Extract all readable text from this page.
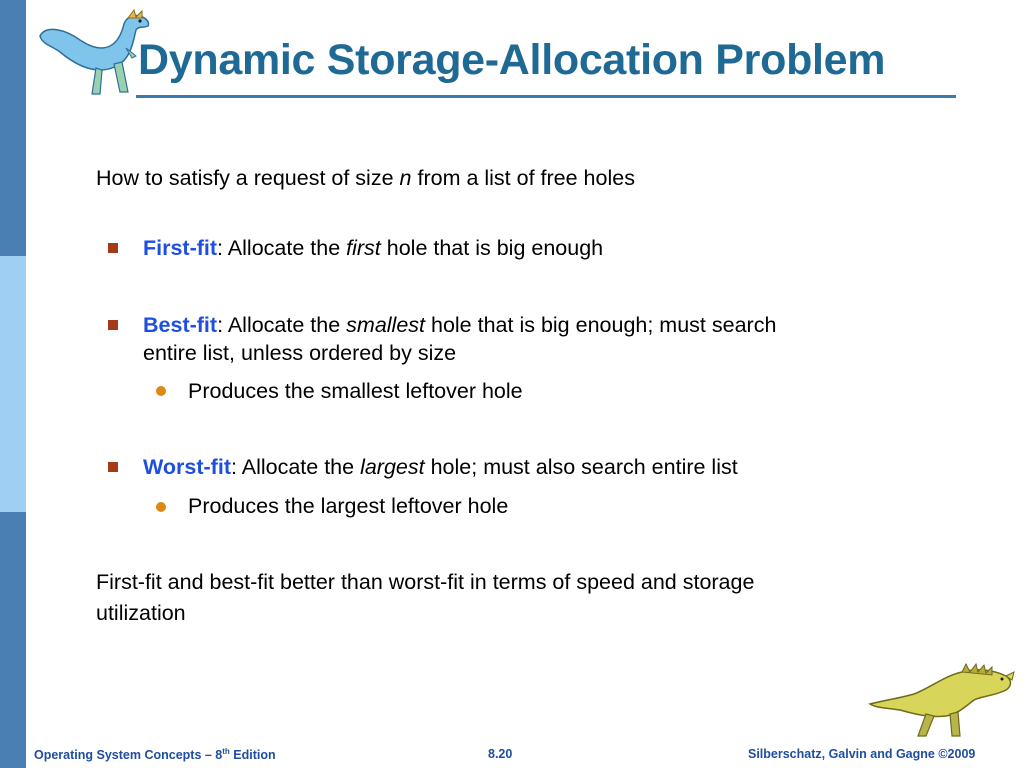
Dynamic Storage-Allocation Problem
How to satisfy a request of size n from a list of free holes
First-fit: Allocate the first hole that is big enough
Best-fit: Allocate the smallest hole that is big enough; must search
entire list, unless ordered by size
Produces the smallest leftover hole
Worst-fit: Allocate the largest hole; must also search entire list
Produces the largest leftover hole
First-fit and best-fit better than worst-fit in terms of speed and storage
utilization
Operating System Concepts – 8th Edition	8.20	Silberschatz, Galvin and Gagne ©2009
